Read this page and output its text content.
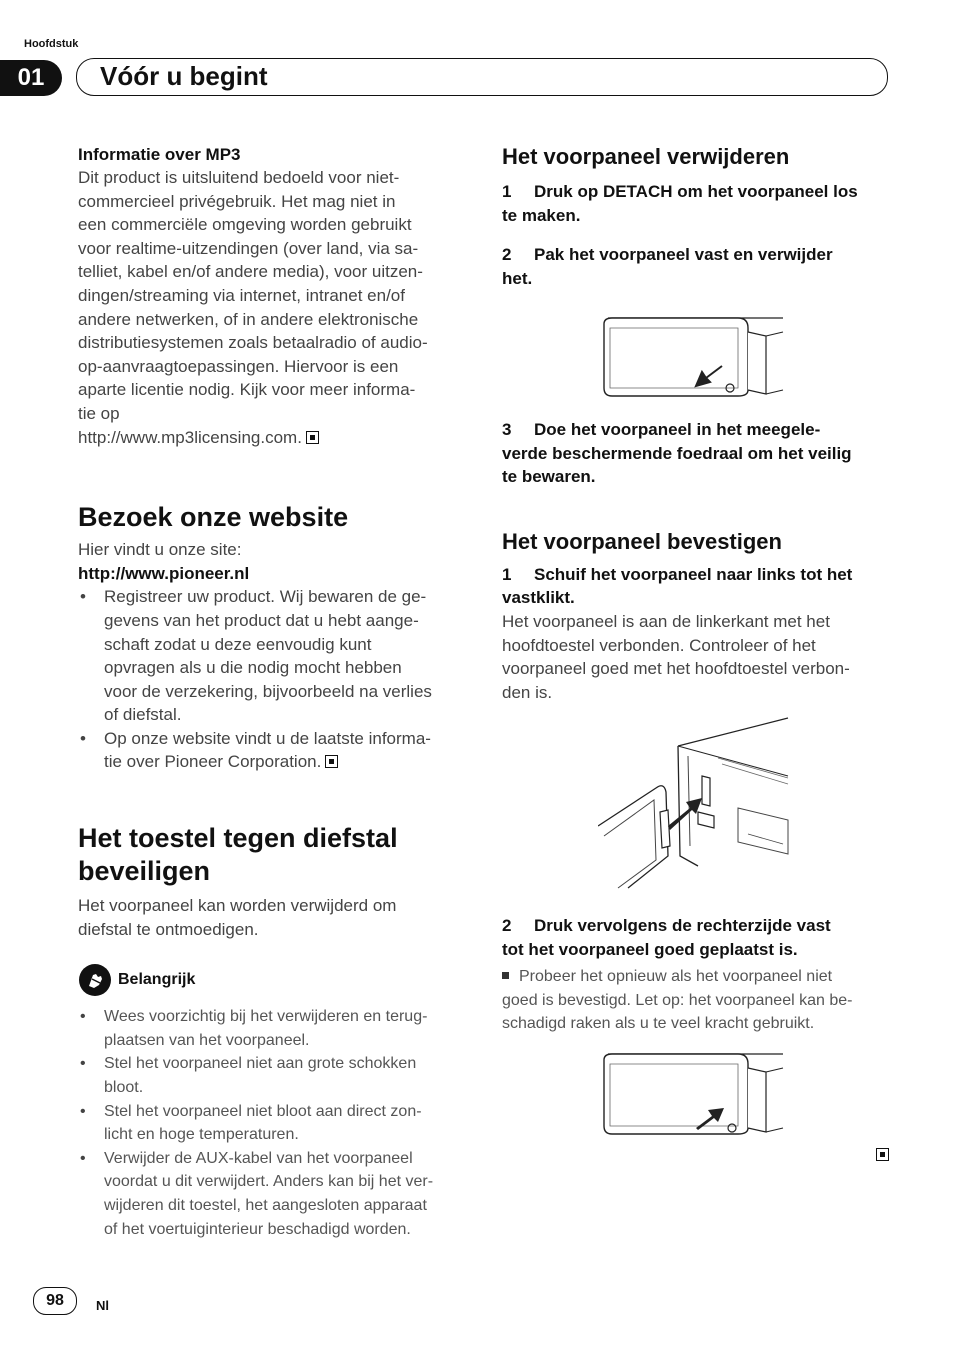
Hoofdstuk
01	Vóór u begint
Informatie over MP3
Dit product is uitsluitend bedoeld voor niet-
commercieel privégebruik. Het mag niet in
een commerciële omgeving worden gebruikt
voor realtime-uitzendingen (over land, via sa-
telliet, kabel en/of andere media), voor uitzen-
dingen/streaming via internet, intranet en/of
andere netwerken, of in andere elektronische
distributiesystemen zoals betaalradio of audio-
op-aanvraagtoepassingen. Hiervoor is een
aparte licentie nodig. Kijk voor meer informa-
tie op
http://www.mp3licensing.com.
Bezoek onze website
Hier vindt u onze site:
http://www.pioneer.nl
• Registreer uw product. Wij bewaren de ge-
gevens van het product dat u hebt aange-
schaft zodat u deze eenvoudig kunt
opvragen als u die nodig mocht hebben
voor de verzekering, bijvoorbeeld na verlies
of diefstal.
• Op onze website vindt u de laatste informa-
tie over Pioneer Corporation.
Het toestel tegen diefstal
beveiligen
Het voorpaneel kan worden verwijderd om
diefstal te ontmoedigen.
Belangrijk
• Wees voorzichtig bij het verwijderen en terug-
plaatsen van het voorpaneel.
• Stel het voorpaneel niet aan grote schokken
bloot.
• Stel het voorpaneel niet bloot aan direct zon-
licht en hoge temperaturen.
• Verwijder de AUX-kabel van het voorpaneel
voordat u dit verwijdert. Anders kan bij het ver-
wijderen dit toestel, het aangesloten apparaat
of het voertuiginterieur beschadigd worden.
Het voorpaneel verwijderen
1 Druk op DETACH om het voorpaneel los
te maken.
2 Pak het voorpaneel vast en verwijder
het.
3 Doe het voorpaneel in het meegele-
verde beschermende foedraal om het veilig
te bewaren.
Het voorpaneel bevestigen
1 Schuif het voorpaneel naar links tot het
vastklikt.
Het voorpaneel is aan de linkerkant met het
hoofdtoestel verbonden. Controleer of het
voorpaneel goed met het hoofdtoestel verbon-
den is.
2 Druk vervolgens de rechterzijde vast
tot het voorpaneel goed geplaatst is.
Probeer het opnieuw als het voorpaneel niet
goed is bevestigd. Let op: het voorpaneel kan be-
schadigd raken als u te veel kracht gebruikt.
98	Nl
